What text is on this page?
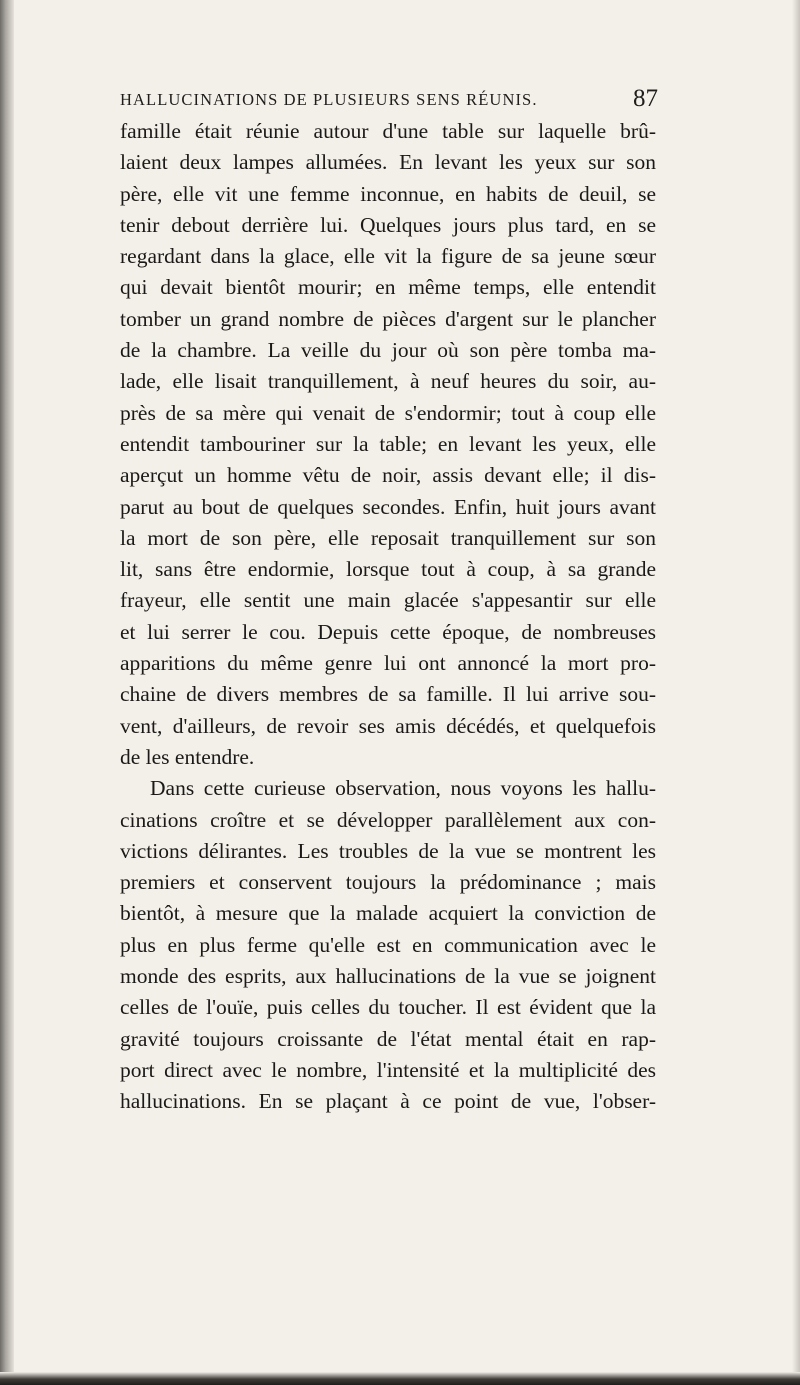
HALLUCINATIONS DE PLUSIEURS SENS RÉUNIS.	87
famille était réunie autour d'une table sur laquelle brû-
laient deux lampes allumées. En levant les yeux sur son
père, elle vit une femme inconnue, en habits de deuil, se
tenir debout derrière lui. Quelques jours plus tard, en se
regardant dans la glace, elle vit la figure de sa jeune sœur
qui devait bientôt mourir; en même temps, elle entendit
tomber un grand nombre de pièces d'argent sur le plancher
de la chambre. La veille du jour où son père tomba ma-
lade, elle lisait tranquillement, à neuf heures du soir, au-
près de sa mère qui venait de s'endormir; tout à coup elle
entendit tambouriner sur la table; en levant les yeux, elle
aperçut un homme vêtu de noir, assis devant elle; il dis-
parut au bout de quelques secondes. Enfin, huit jours avant
la mort de son père, elle reposait tranquillement sur son
lit, sans être endormie, lorsque tout à coup, à sa grande
frayeur, elle sentit une main glacée s'appesantir sur elle
et lui serrer le cou. Depuis cette époque, de nombreuses
apparitions du même genre lui ont annoncé la mort pro-
chaine de divers membres de sa famille. Il lui arrive sou-
vent, d'ailleurs, de revoir ses amis décédés, et quelquefois
de les entendre.
Dans cette curieuse observation, nous voyons les hallu-
cinations croître et se développer parallèlement aux con-
victions délirantes. Les troubles de la vue se montrent les
premiers et conservent toujours la prédominance ; mais
bientôt, à mesure que la malade acquiert la conviction de
plus en plus ferme qu'elle est en communication avec le
monde des esprits, aux hallucinations de la vue se joignent
celles de l'ouïe, puis celles du toucher. Il est évident que la
gravité toujours croissante de l'état mental était en rap-
port direct avec le nombre, l'intensité et la multiplicité des
hallucinations. En se plaçant à ce point de vue, l'obser-
